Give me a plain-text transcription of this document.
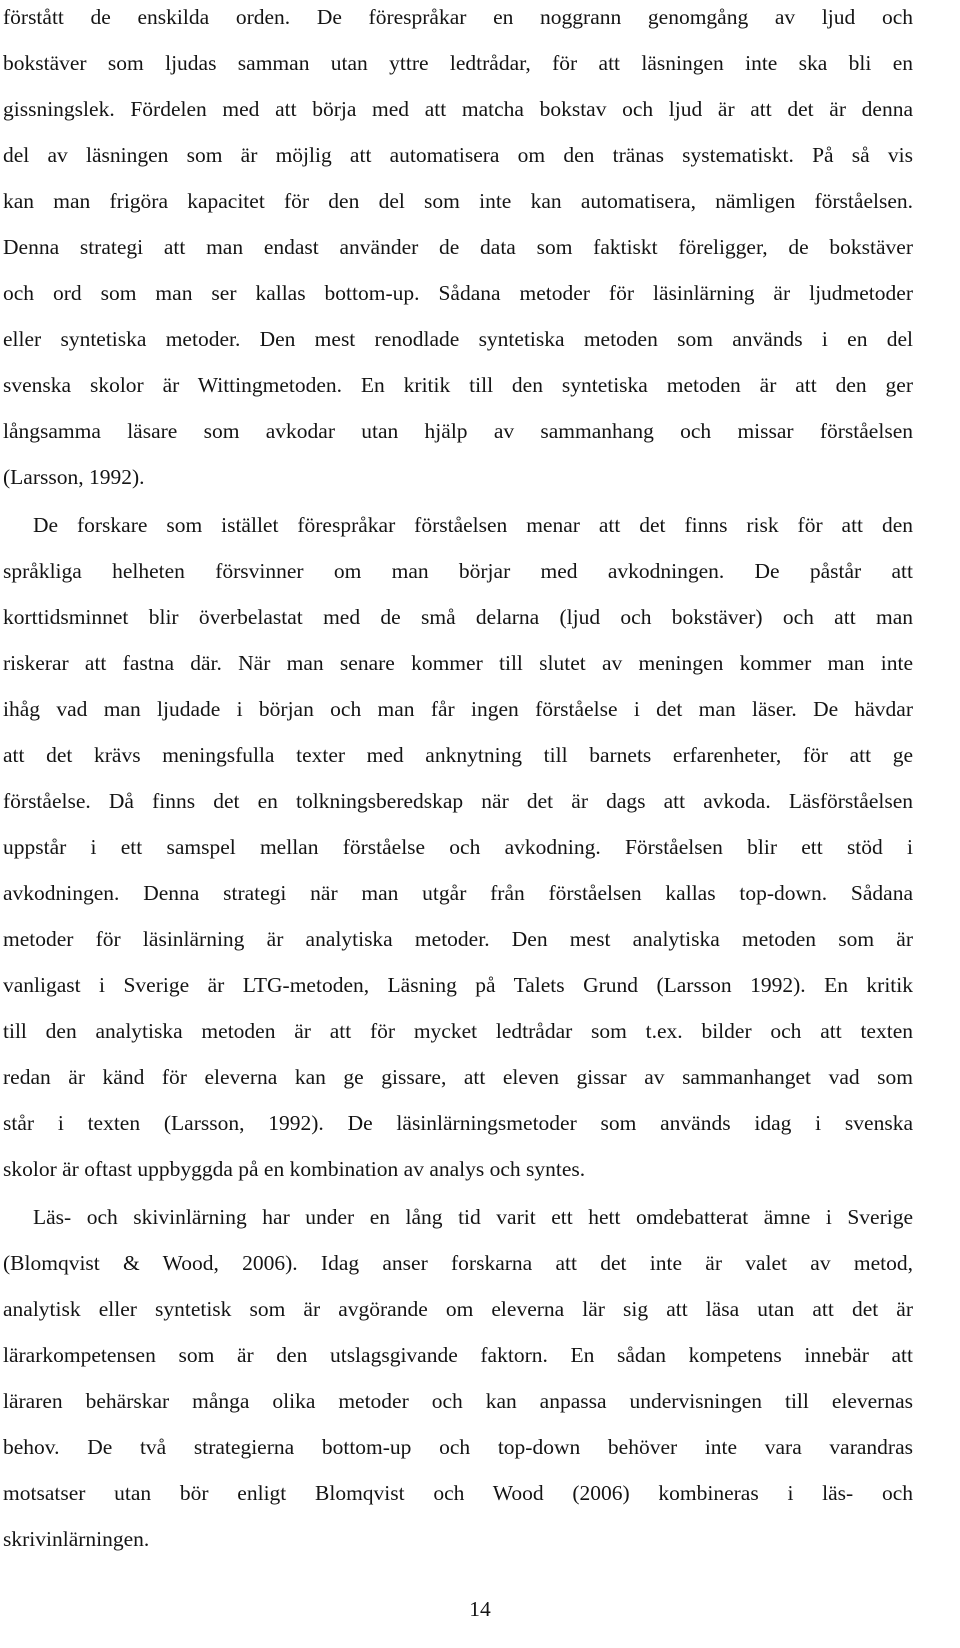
förstått de enskilda orden. De förespråkar en noggrann genomgång av ljud och
bokstäver som ljudas samman utan yttre ledtrådar, för att läsningen inte ska bli en
gissningslek. Fördelen med att börja med att matcha bokstav och ljud är att det är denna
del av läsningen som är möjlig att automatisera om den tränas systematiskt. På så vis
kan man frigöra kapacitet för den del som inte kan automatisera, nämligen förståelsen.
Denna strategi att man endast använder de data som faktiskt föreligger, de bokstäver
och ord som man ser kallas bottom-up. Sådana metoder för läsinlärning är ljudmetoder
eller syntetiska metoder. Den mest renodlade syntetiska metoden som används i en del
svenska skolor är Wittingmetoden. En kritik till den syntetiska metoden är att den ger
långsamma läsare som avkodar utan hjälp av sammanhang och missar förståelsen
(Larsson, 1992).
De forskare som istället förespråkar förståelsen menar att det finns risk för att den
språkliga helheten försvinner om man börjar med avkodningen. De påstår att
korttidsminnet blir överbelastat med de små delarna (ljud och bokstäver) och att man
riskerar att fastna där. När man senare kommer till slutet av meningen kommer man inte
ihåg vad man ljudade i början och man får ingen förståelse i det man läser. De hävdar
att det krävs meningsfulla texter med anknytning till barnets erfarenheter, för att ge
förståelse. Då finns det en tolkningsberedskap när det är dags att avkoda. Läsförståelsen
uppstår i ett samspel mellan förståelse och avkodning. Förståelsen blir ett stöd i
avkodningen. Denna strategi när man utgår från förståelsen kallas top-down. Sådana
metoder för läsinlärning är analytiska metoder. Den mest analytiska metoden som är
vanligast i Sverige är LTG-metoden, Läsning på Talets Grund (Larsson 1992). En kritik
till den analytiska metoden är att för mycket ledtrådar som t.ex. bilder och att texten
redan är känd för eleverna kan ge gissare, att eleven gissar av sammanhanget vad som
står i texten (Larsson, 1992). De läsinlärningsmetoder som används idag i svenska
skolor är oftast uppbyggda på en kombination av analys och syntes.
Läs- och skivinlärning har under en lång tid varit ett hett omdebatterat ämne i Sverige
(Blomqvist & Wood, 2006). Idag anser forskarna att det inte är valet av metod,
analytisk eller syntetisk som är avgörande om eleverna lär sig att läsa utan att det är
lärarkompetensen som är den utslagsgivande faktorn. En sådan kompetens innebär att
läraren behärskar många olika metoder och kan anpassa undervisningen till elevernas
behov. De två strategierna bottom-up och top-down behöver inte vara varandras
motsatser utan bör enligt Blomqvist och Wood (2006) kombineras i läs- och
skrivinlärningen.
14
